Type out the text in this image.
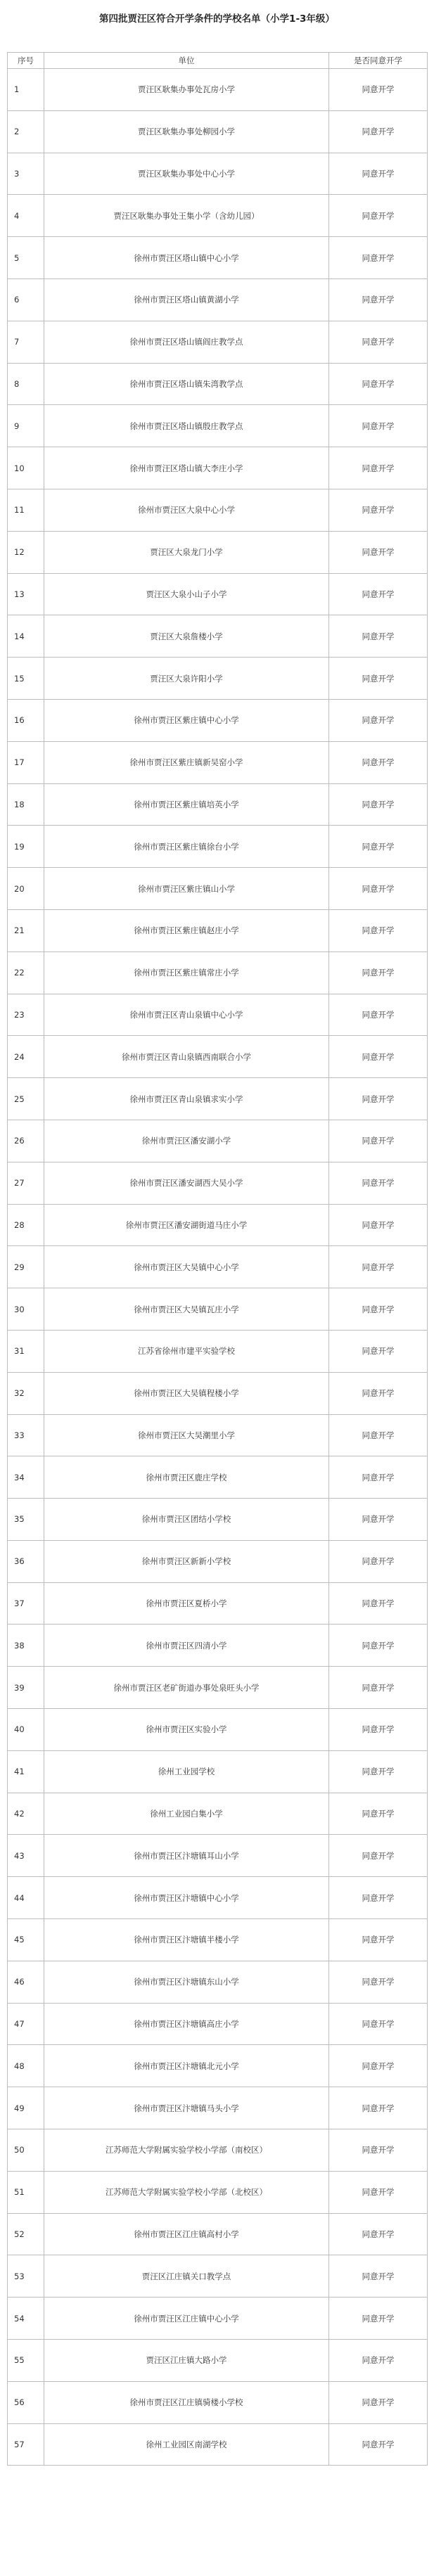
第四批贾汪区符合开学条件的学校名单（小学1-3年级）
序号	单位	是否同意开学
1	贾汪区耿集办事处瓦房小学	同意开学
2	贾汪区耿集办事处柳园小学	同意开学
3	贾汪区耿集办事处中心小学	同意开学
4	贾汪区耿集办事处王集小学（含幼儿园）	同意开学
5	徐州市贾汪区塔山镇中心小学	同意开学
6	徐州市贾汪区塔山镇黄湖小学	同意开学
7	徐州市贾汪区塔山镇阎庄教学点	同意开学
8	徐州市贾汪区塔山镇朱湾教学点	同意开学
9	徐州市贾汪区塔山镇殷庄教学点	同意开学
10	徐州市贾汪区塔山镇大李庄小学	同意开学
11	徐州市贾汪区大泉中心小学	同意开学
12	贾汪区大泉龙门小学	同意开学
13	贾汪区大泉小山子小学	同意开学
14	贾汪区大泉詹楼小学	同意开学
15	贾汪区大泉许阳小学	同意开学
16	徐州市贾汪区紫庄镇中心小学	同意开学
17	徐州市贾汪区紫庄镇新吴窑小学	同意开学
18	徐州市贾汪区紫庄镇培英小学	同意开学
19	徐州市贾汪区紫庄镇徐台小学	同意开学
20	徐州市贾汪区紫庄镇山小学	同意开学
21	徐州市贾汪区紫庄镇赵庄小学	同意开学
22	徐州市贾汪区紫庄镇常庄小学	同意开学
23	徐州市贾汪区青山泉镇中心小学	同意开学
24	徐州市贾汪区青山泉镇西南联合小学	同意开学
25	徐州市贾汪区青山泉镇求实小学	同意开学
26	徐州市贾汪区潘安湖小学	同意开学
27	徐州市贾汪区潘安湖西大吴小学	同意开学
28	徐州市贾汪区潘安湖街道马庄小学	同意开学
29	徐州市贾汪区大吴镇中心小学	同意开学
30	徐州市贾汪区大吴镇瓦庄小学	同意开学
31	江苏省徐州市建平实验学校	同意开学
32	徐州市贾汪区大吴镇程楼小学	同意开学
33	徐州市贾汪区大吴潮里小学	同意开学
34	徐州市贾汪区鹿庄学校	同意开学
35	徐州市贾汪区团结小学校	同意开学
36	徐州市贾汪区新新小学校	同意开学
37	徐州市贾汪区夏桥小学	同意开学
38	徐州市贾汪区四清小学	同意开学
39	徐州市贾汪区老矿街道办事处泉旺头小学	同意开学
40	徐州市贾汪区实验小学	同意开学
41	徐州工业园学校	同意开学
42	徐州工业园白集小学	同意开学
43	徐州市贾汪区汴塘镇耳山小学	同意开学
44	徐州市贾汪区汴塘镇中心小学	同意开学
45	徐州市贾汪区汴塘镇半楼小学	同意开学
46	徐州市贾汪区汴塘镇东山小学	同意开学
47	徐州市贾汪区汴塘镇高庄小学	同意开学
48	徐州市贾汪区汴塘镇北元小学	同意开学
49	徐州市贾汪区汴塘镇马头小学	同意开学
50	江苏师范大学附属实验学校小学部（南校区）	同意开学
51	江苏师范大学附属实验学校小学部（北校区）	同意开学
52	徐州市贾汪区江庄镇高村小学	同意开学
53	贾汪区江庄镇关口教学点	同意开学
54	徐州市贾汪区江庄镇中心小学	同意开学
55	贾汪区江庄镇大路小学	同意开学
56	徐州市贾汪区江庄镇骑楼小学校	同意开学
57	徐州工业园区南湖学校	同意开学
